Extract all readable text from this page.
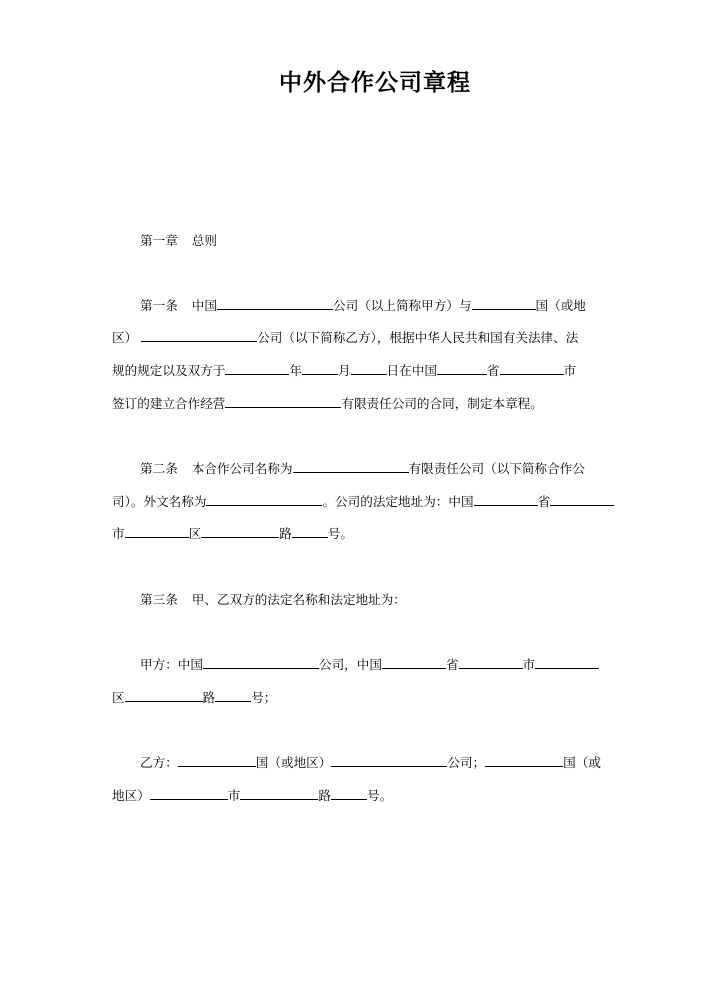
中外合作公司章程
第一章 总则
第一条 中国	公司（以上简称甲方）与	国（或地
区）	公司（以下简称乙方），根据中华人民共和国有关法律、法
规的规定以及双方于	年	月	日在中国	省	市
签订的建立合作经营	有限责任公司的合同，制定本章程。
第二条 本合作公司名称为	有限责任公司（以下简称合作公
司）。外文名称为	。公司的法定地址为：中国	省
市	区	路	号。
第三条 甲、乙双方的法定名称和法定地址为：
甲方：中国	公司，中国	省	市
区	路	号；
乙方：	国（或地区）	公司；	国（或
地区）	市	路	号。
